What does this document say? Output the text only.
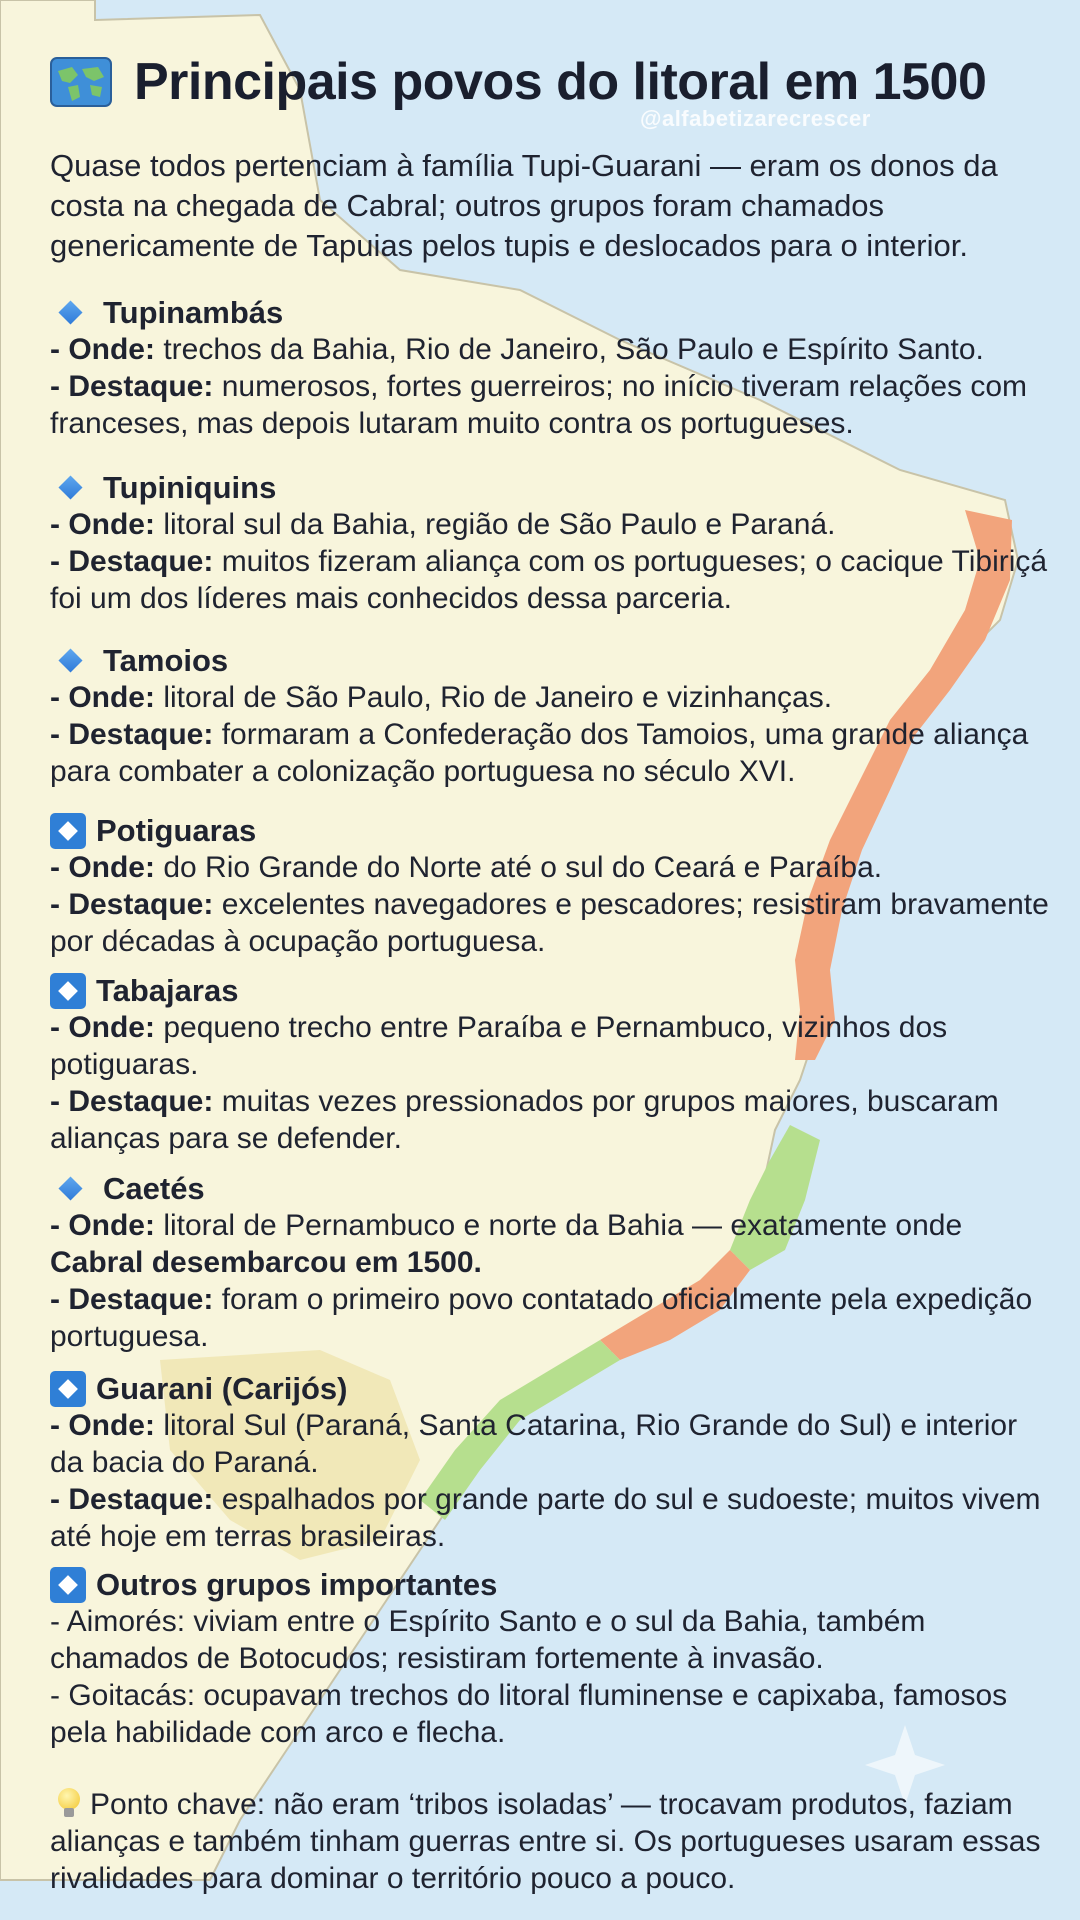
Principais povos do litoral em 1500
@alfabetizarecrescer
Quase todos pertenciam à família Tupi-Guarani — eram os donos da costa na chegada de Cabral; outros grupos foram chamados genericamente de Tapuias pelos tupis e deslocados para o interior.
Tupinambás
- Onde: trechos da Bahia, Rio de Janeiro, São Paulo e Espírito Santo.
- Destaque: numerosos, fortes guerreiros; no início tiveram relações com franceses, mas depois lutaram muito contra os portugueses.
Tupiniquins
- Onde: litoral sul da Bahia, região de São Paulo e Paraná.
- Destaque: muitos fizeram aliança com os portugueses; o cacique Tibiriçá foi um dos líderes mais conhecidos dessa parceria.
Tamoios
- Onde: litoral de São Paulo, Rio de Janeiro e vizinhanças.
- Destaque: formaram a Confederação dos Tamoios, uma grande aliança para combater a colonização portuguesa no século XVI.
Potiguaras
- Onde: do Rio Grande do Norte até o sul do Ceará e Paraíba.
- Destaque: excelentes navegadores e pescadores; resistiram bravamente por décadas à ocupação portuguesa.
Tabajaras
- Onde: pequeno trecho entre Paraíba e Pernambuco, vizinhos dos potiguaras.
- Destaque: muitas vezes pressionados por grupos maiores, buscaram alianças para se defender.
Caetés
- Onde: litoral de Pernambuco e norte da Bahia — exatamente onde Cabral desembarcou em 1500.
- Destaque: foram o primeiro povo contatado oficialmente pela expedição portuguesa.
Guarani (Carijós)
- Onde: litoral Sul (Paraná, Santa Catarina, Rio Grande do Sul) e interior da bacia do Paraná.
- Destaque: espalhados por grande parte do sul e sudoeste; muitos vivem até hoje em terras brasileiras.
Outros grupos importantes
- Aimorés: viviam entre o Espírito Santo e o sul da Bahia, também chamados de Botocudos; resistiram fortemente à invasão.
- Goitacás: ocupavam trechos do litoral fluminense e capixaba, famosos pela habilidade com arco e flecha.
Ponto chave: não eram ‘tribos isoladas’ — trocavam produtos, faziam alianças e também tinham guerras entre si. Os portugueses usaram essas rivalidades para dominar o território pouco a pouco.
